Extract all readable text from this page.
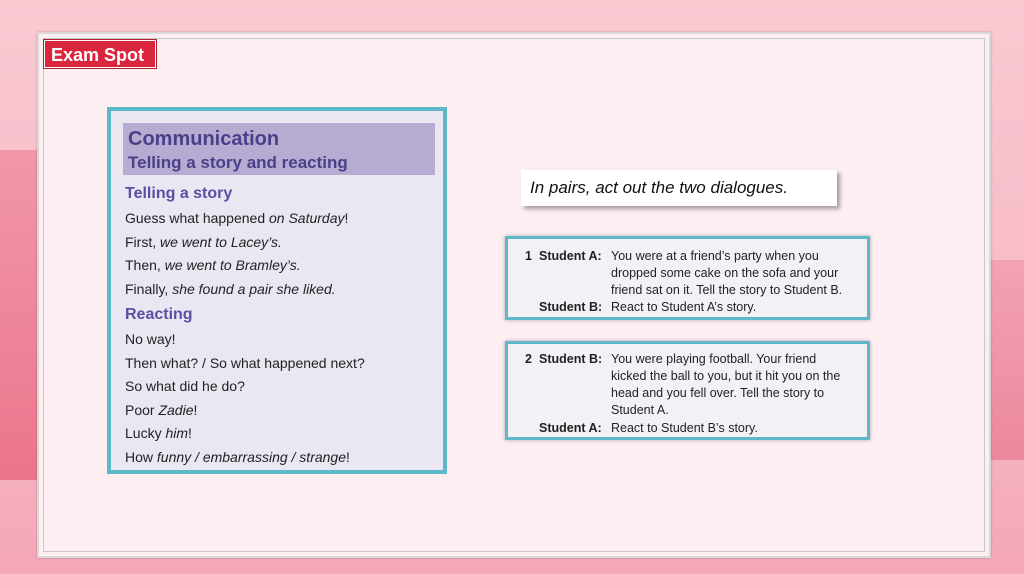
Exam Spot
Communication
Telling a story and reacting
Telling a story
Guess what happened on Saturday!
First, we went to Lacey’s.
Then, we went to Bramley’s.
Finally, she found a pair she liked.
Reacting
No way!
Then what? / So what happened next?
So what did he do?
Poor Zadie!
Lucky him!
How funny / embarrassing / strange!
In pairs, act out the two dialogues.
1 Student A: You were at a friend’s party when you
dropped some cake on the sofa and your
friend sat on it. Tell the story to Student B.
Student B: React to Student A’s story.
2 Student B: You were playing football. Your friend
kicked the ball to you, but it hit you on the
head and you fell over. Tell the story to
Student A.
Student A: React to Student B’s story.
